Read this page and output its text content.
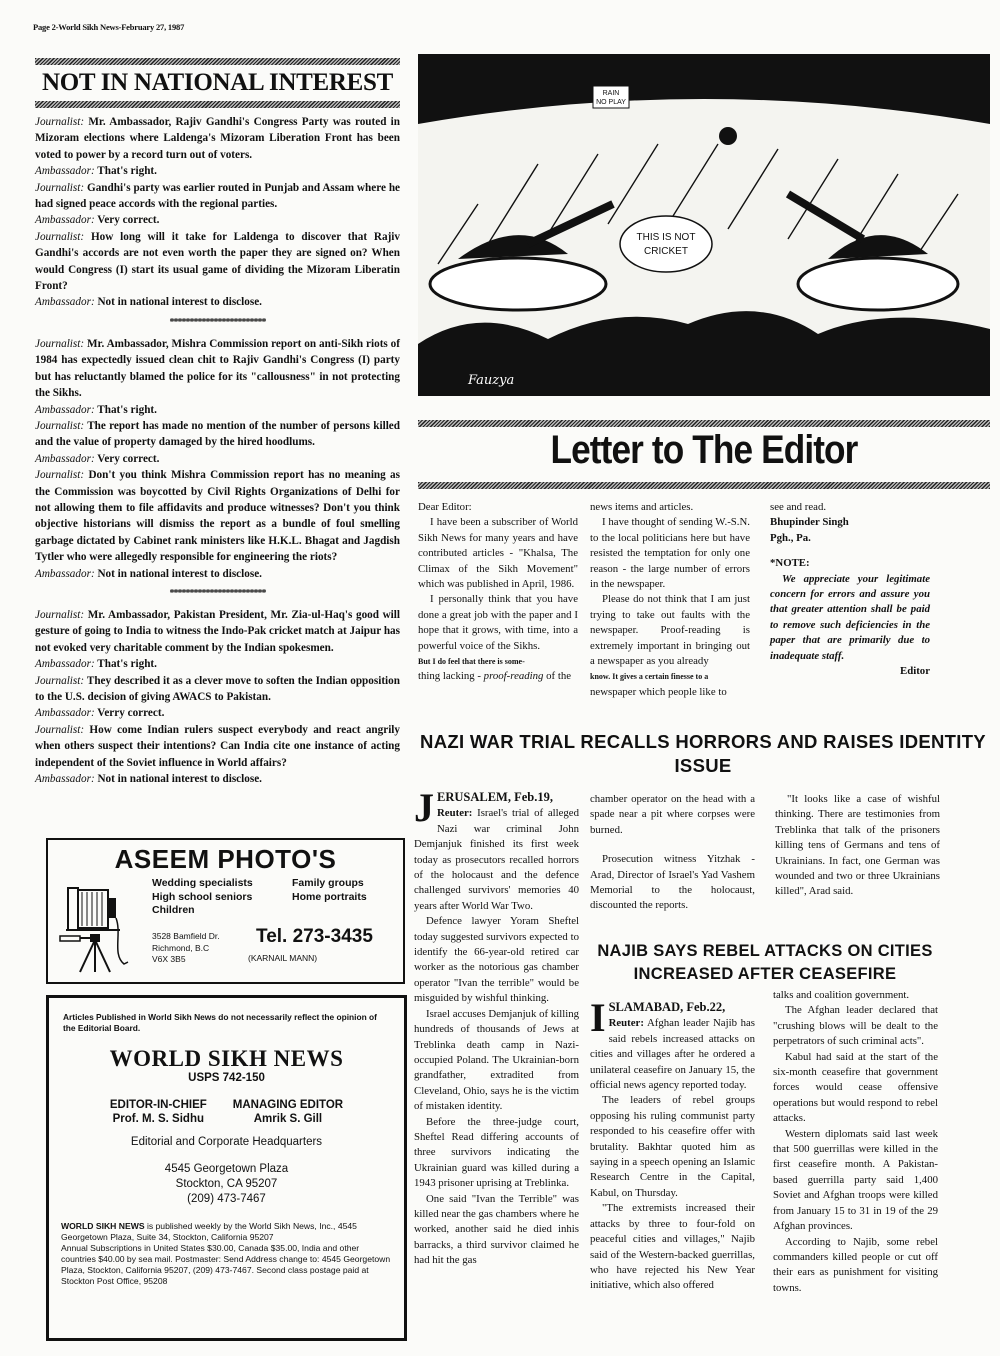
Page 2-World Sikh News-February 27, 1987
NOT IN NATIONAL INTEREST

Journalist: Mr. Ambassador, Rajiv Gandhi's Congress Party was routed in Mizoram elections where Laldenga's Mizoram Liberation Front has been voted to power by a record turn out of voters.

Ambassador: That's right.

Journalist: Gandhi's party was earlier routed in Punjab and Assam where he had signed peace accords with the regional parties.

Ambassador: Very correct.

Journalist: How long will it take for Laldenga to discover that Rajiv Gandhi's accords are not even worth the paper they are signed on? When would Congress (I) start its usual game of dividing the Mizoram Liberatin Front?

Ambassador: Not in national interest to disclose.

************************

Journalist: Mr. Ambassador, Mishra Commission report on anti-Sikh riots of 1984 has expectedly issued clean chit to Rajiv Gandhi's Congress (I) party but has reluctantly blamed the police for its "callousness" in not protecting the Sikhs.

Ambassador: That's right.

Journalist: The report has made no mention of the number of persons killed and the value of property damaged by the hired hoodlums.

Ambassador: Very correct.

Journalist: Don't you think Mishra Commission report has no meaning as the Commission was boycotted by Civil Rights Organizations of Delhi for not allowing them to file affidavits and produce witnesses? Don't you think objective historians will dismiss the report as a bundle of foul smelling garbage dictated by Cabinet rank ministers like H.K.L. Bhagat and Jagdish Tytler who were allegedly responsible for engineering the riots?

Ambassador: Not in national interest to disclose.

************************

Journalist: Mr. Ambassador, Pakistan President, Mr. Zia-ul-Haq's good will gesture of going to India to witness the Indo-Pak cricket match at Jaipur has not evoked very charitable comment by the Indian spokesmen.

Ambassador: That's right.

Journalist: They described it as a clever move to soften the Indian opposition to the U.S. decision of giving AWACS to Pakistan.

Ambassador: Verry correct.

Journalist: How come Indian rulers suspect everybody and react angrily when others suspect their intentions? Can India cite one instance of acting independent of the Soviet influence in World affairs?

Ambassador: Not in national interest to disclose.

ASEEM PHOTO'S
Wedding specialists
High school seniors
Children
Family groups
Home portraits
3528 Bamfield Dr.
Richmond, B.C
V6X 3B5
Tel. 273-3435
(KARNAIL MANN)
Articles Published in World Sikh News do not necessarily reflect the opinion of the Editorial Board.
WORLD SIKH NEWS
USPS 742-150
EDITOR-IN-CHIEF
Prof. M. S. Sidhu
MANAGING EDITOR
Amrik S. Gill
Editorial and Corporate Headquarters
4545 Georgetown Plaza
Stockton, CA 95207
(209) 473-7467
WORLD SIKH NEWS is published weekly by the World Sikh News, Inc., 4545 Georgetown Plaza, Suite 34, Stockton, California 95207
Annual Subscriptions in United States $30.00, Canada $35.00, India and other countries $40.00 by sea mail. Postmaster: Send Address change to: 4545 Georgetown Plaza, Stockton, California 95207, (209) 473-7467. Second class postage paid at Stockton Post Office, 95208
RAIN
NO PLAY
THIS IS NOT
CRICKET
Fauzya
Letter to The Editor

Dear Editor:

I have been a subscriber of World Sikh News for many years and have contributed articles - "Khalsa, The Climax of the Sikh Movement" which was published in April, 1986.

I personally think that you have done a great job with the paper and I hope that it grows, with time, into a powerful voice of the Sikhs.

But I do feel that there is some-

thing lacking - proof-reading of the

news items and articles.

I have thought of sending W.-S.N. to the local politicians here but have resisted the temptation for only one reason - the large number of errors in the newspaper.

Please do not think that I am just trying to take out faults with the newspaper. Proof-reading is extremely important in bringing out a newspaper as you already

know. It gives a certain finesse to a

newspaper which people like to

see and read.

Bhupinder Singh

Pgh., Pa.

*NOTE:

We appreciate your legitimate concern for errors and assure you that greater attention shall be paid to remove such deficiencies in the paper that are primarily due to inadequate staff.

Editor

NAZI WAR TRIAL RECALLS HORRORS AND RAISES IDENTITY ISSUE

JERUSALEM, Feb.19,
Reuter: Israel's trial of alleged Nazi war criminal John Demjanjuk finished its first week today as prosecutors recalled horrors of the holocaust and the defence challenged survivors' memories 40 years after World War Two.

Defence lawyer Yoram Sheftel today suggested survivors expected to identify the 66-year-old retired car worker as the notorious gas chamber operator "Ivan the terrible" would be misguided by wishful thinking.

Israel accuses Demjanjuk of killing hundreds of thousands of Jews at Treblinka death camp in Nazi-occupied Poland. The Ukrainian-born grandfather, extradited from Cleveland, Ohio, says he is the victim of mistaken identity.

Before the three-judge court, Sheftel Read differing accounts of three survivors indicating the Ukrainian guard was killed during a 1943 prisoner uprising at Treblinka.

One said "Ivan the Terrible" was killed near the gas chambers where he worked, another said he died inhis barracks, a third survivor claimed he had hit the gas

chamber operator on the head with a spade near a pit where corpses were burned.

Prosecution witness Yitzhak - Arad, Director of Israel's Yad Vashem Memorial to the holocaust, discounted the reports.

"It looks like a case of wishful thinking. There are testimonies from Treblinka that talk of the prisoners killing tens of Germans and tens of Ukrainians. In fact, one German was wounded and two or three Ukrainians killed", Arad said.

NAJIB SAYS REBEL ATTACKS ON CITIES INCREASED AFTER CEASEFIRE

ISLAMABAD, Feb.22,
Reuter: Afghan leader Najib has said rebels increased attacks on cities and villages after he ordered a unilateral ceasefire on January 15, the official news agency reported today.

The leaders of rebel groups opposing his ruling communist party responded to his ceasefire offer with brutality. Bakhtar quoted him as saying in a speech opening an Islamic Research Centre in the Capital, Kabul, on Thursday.

"The extremists increased their attacks by three to four-fold on peaceful cities and villages," Najib said of the Western-backed guerrillas, who have rejected his New Year initiative, which also offered

talks and coalition government.

The Afghan leader declared that "crushing blows will be dealt to the perpetrators of such criminal acts".

Kabul had said at the start of the six-month ceasefire that government forces would cease offensive operations but would respond to rebel attacks.

Western diplomats said last week that 500 guerrillas were killed in the first ceasefire month. A Pakistan-based guerrilla party said 1,400 Soviet and Afghan troops were killed from January 15 to 31 in 19 of the 29 Afghan provinces.

According to Najib, some rebel commanders killed people or cut off their ears as punishment for visiting towns.
